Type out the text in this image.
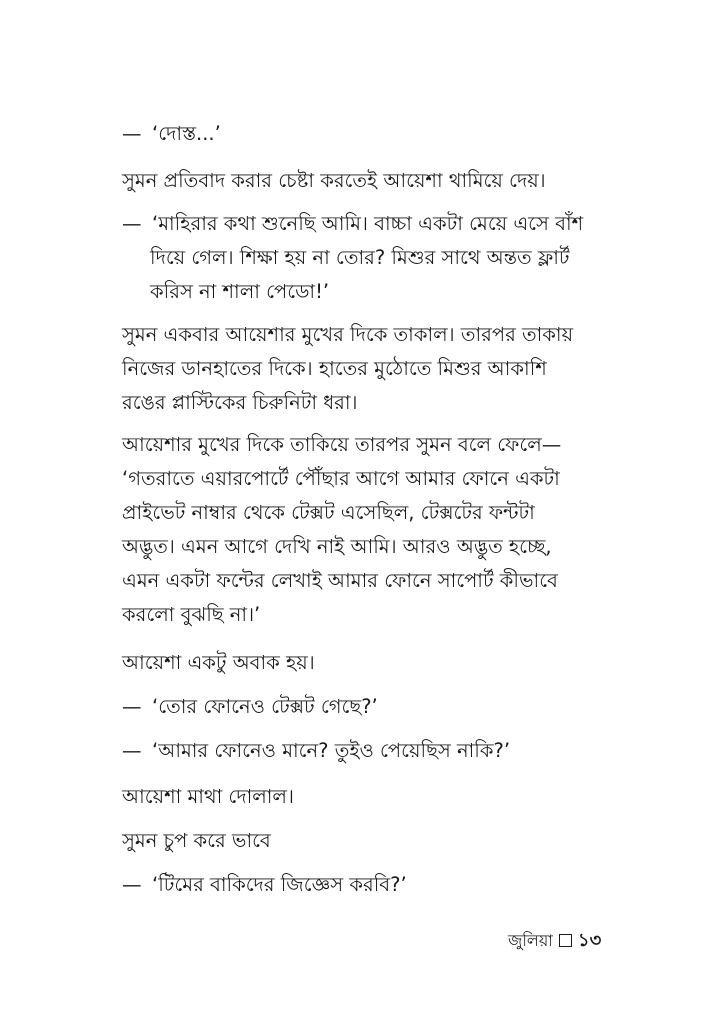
— ‘দোস্ত...’
সুমন প্রতিবাদ করার চেষ্টা করতেই আয়েশা থামিয়ে দেয়।
— ‘মাহিরার কথা শুনেছি আমি। বাচ্চা একটা মেয়ে এসে বাঁশ
দিয়ে গেল। শিক্ষা হয় না তোর? মিশুর সাথে অন্তত ফ্লার্ট
করিস না শালা পেডো!’
সুমন একবার আয়েশার মুখের দিকে তাকাল। তারপর তাকায়
নিজের ডানহাতের দিকে। হাতের মুঠোতে মিশুর আকাশি
রঙের প্লাস্টিকের চিরুনিটা ধরা।
আয়েশার মুখের দিকে তাকিয়ে তারপর সুমন বলে ফেলে—
‘গতরাতে এয়ারপোর্টে পৌঁছার আগে আমার ফোনে একটা
প্রাইভেট নাম্বার থেকে টেক্সট এসেছিল, টেক্সটের ফন্টটা
অদ্ভুত। এমন আগে দেখি নাই আমি। আরও অদ্ভুত হচ্ছে,
এমন একটা ফন্টের লেখাই আমার ফোনে সাপোর্ট কীভাবে
করলো বুঝছি না।’
আয়েশা একটু অবাক হয়।
— ‘তোর ফোনেও টেক্সট গেছে?’
— ‘আমার ফোনেও মানে? তুইও পেয়েছিস নাকি?’
আয়েশা মাথা দোলাল।
সুমন চুপ করে ভাবে
— ‘টিমের বাকিদের জিজ্ঞেস করবি?’
জুলিয়া ১৩
